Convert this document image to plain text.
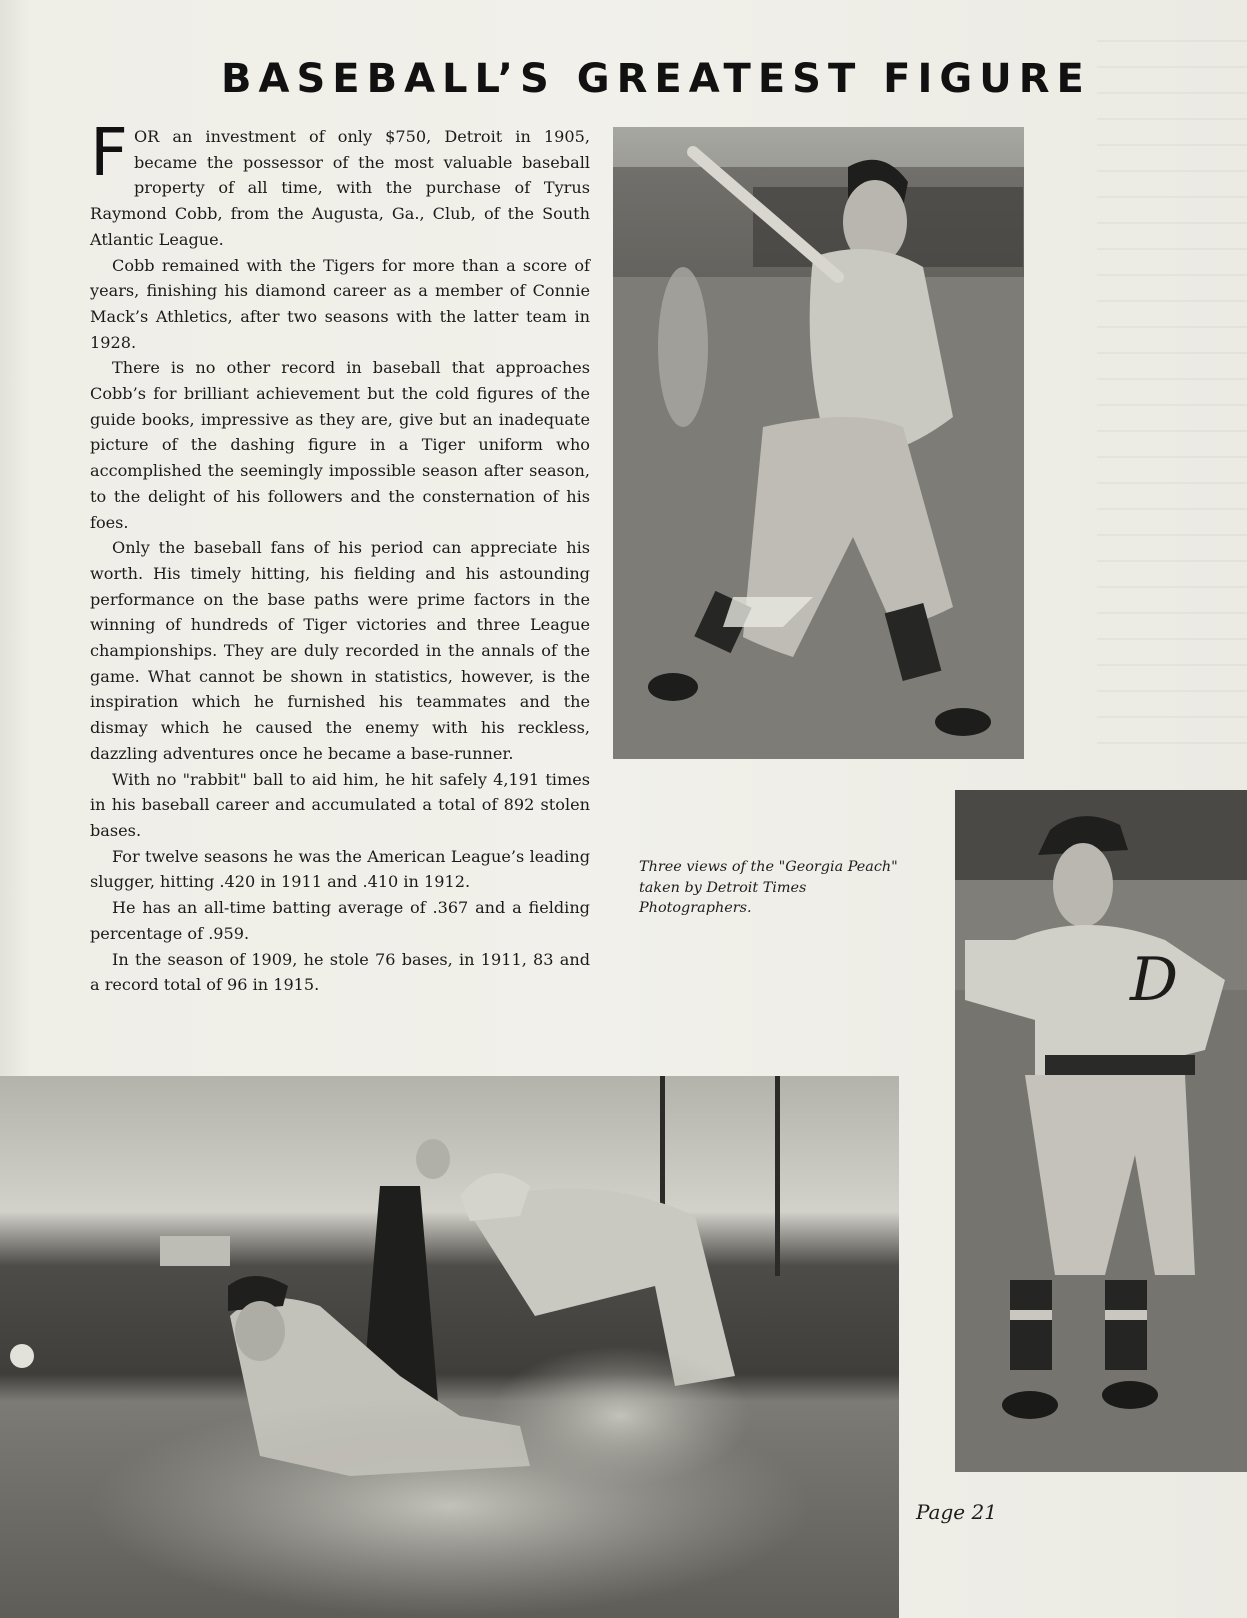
BASEBALL’S GREATEST FIGURE

FOR an investment of only $750, Detroit in 1905, became the possessor of the most valuable baseball property of all time, with the purchase of Tyrus Raymond Cobb, from the Augusta, Ga., Club, of the South Atlantic League.

Cobb remained with the Tigers for more than a score of years, finishing his diamond career as a member of Connie Mack’s Athletics, after two seasons with the latter team in 1928.

There is no other record in baseball that approaches Cobb’s for brilliant achievement but the cold figures of the guide books, impressive as they are, give but an inadequate picture of the dashing figure in a Tiger uniform who accomplished the seemingly impossible season after season, to the delight of his followers and the consternation of his foes.

Only the baseball fans of his period can appreciate his worth. His timely hitting, his fielding and his astounding performance on the base paths were prime factors in the winning of hundreds of Tiger victories and three League championships. They are duly recorded in the annals of the game. What cannot be shown in statistics, however, is the inspiration which he furnished his teammates and the dismay which he caused the enemy with his reckless, dazzling adventures once he became a base-runner.

With no "rabbit" ball to aid him, he hit safely 4,191 times in his baseball career and accumulated a total of 892 stolen bases.

For twelve seasons he was the American League’s leading slugger, hitting .420 in 1911 and .410 in 1912.

He has an all-time batting average of .367 and a fielding percentage of .959.

In the season of 1909, he stole 76 bases, in 1911, 83 and a record total of 96 in 1915.	D
Three views of the "Georgia Peach" taken by Detroit Times Photographers.
Page 21
